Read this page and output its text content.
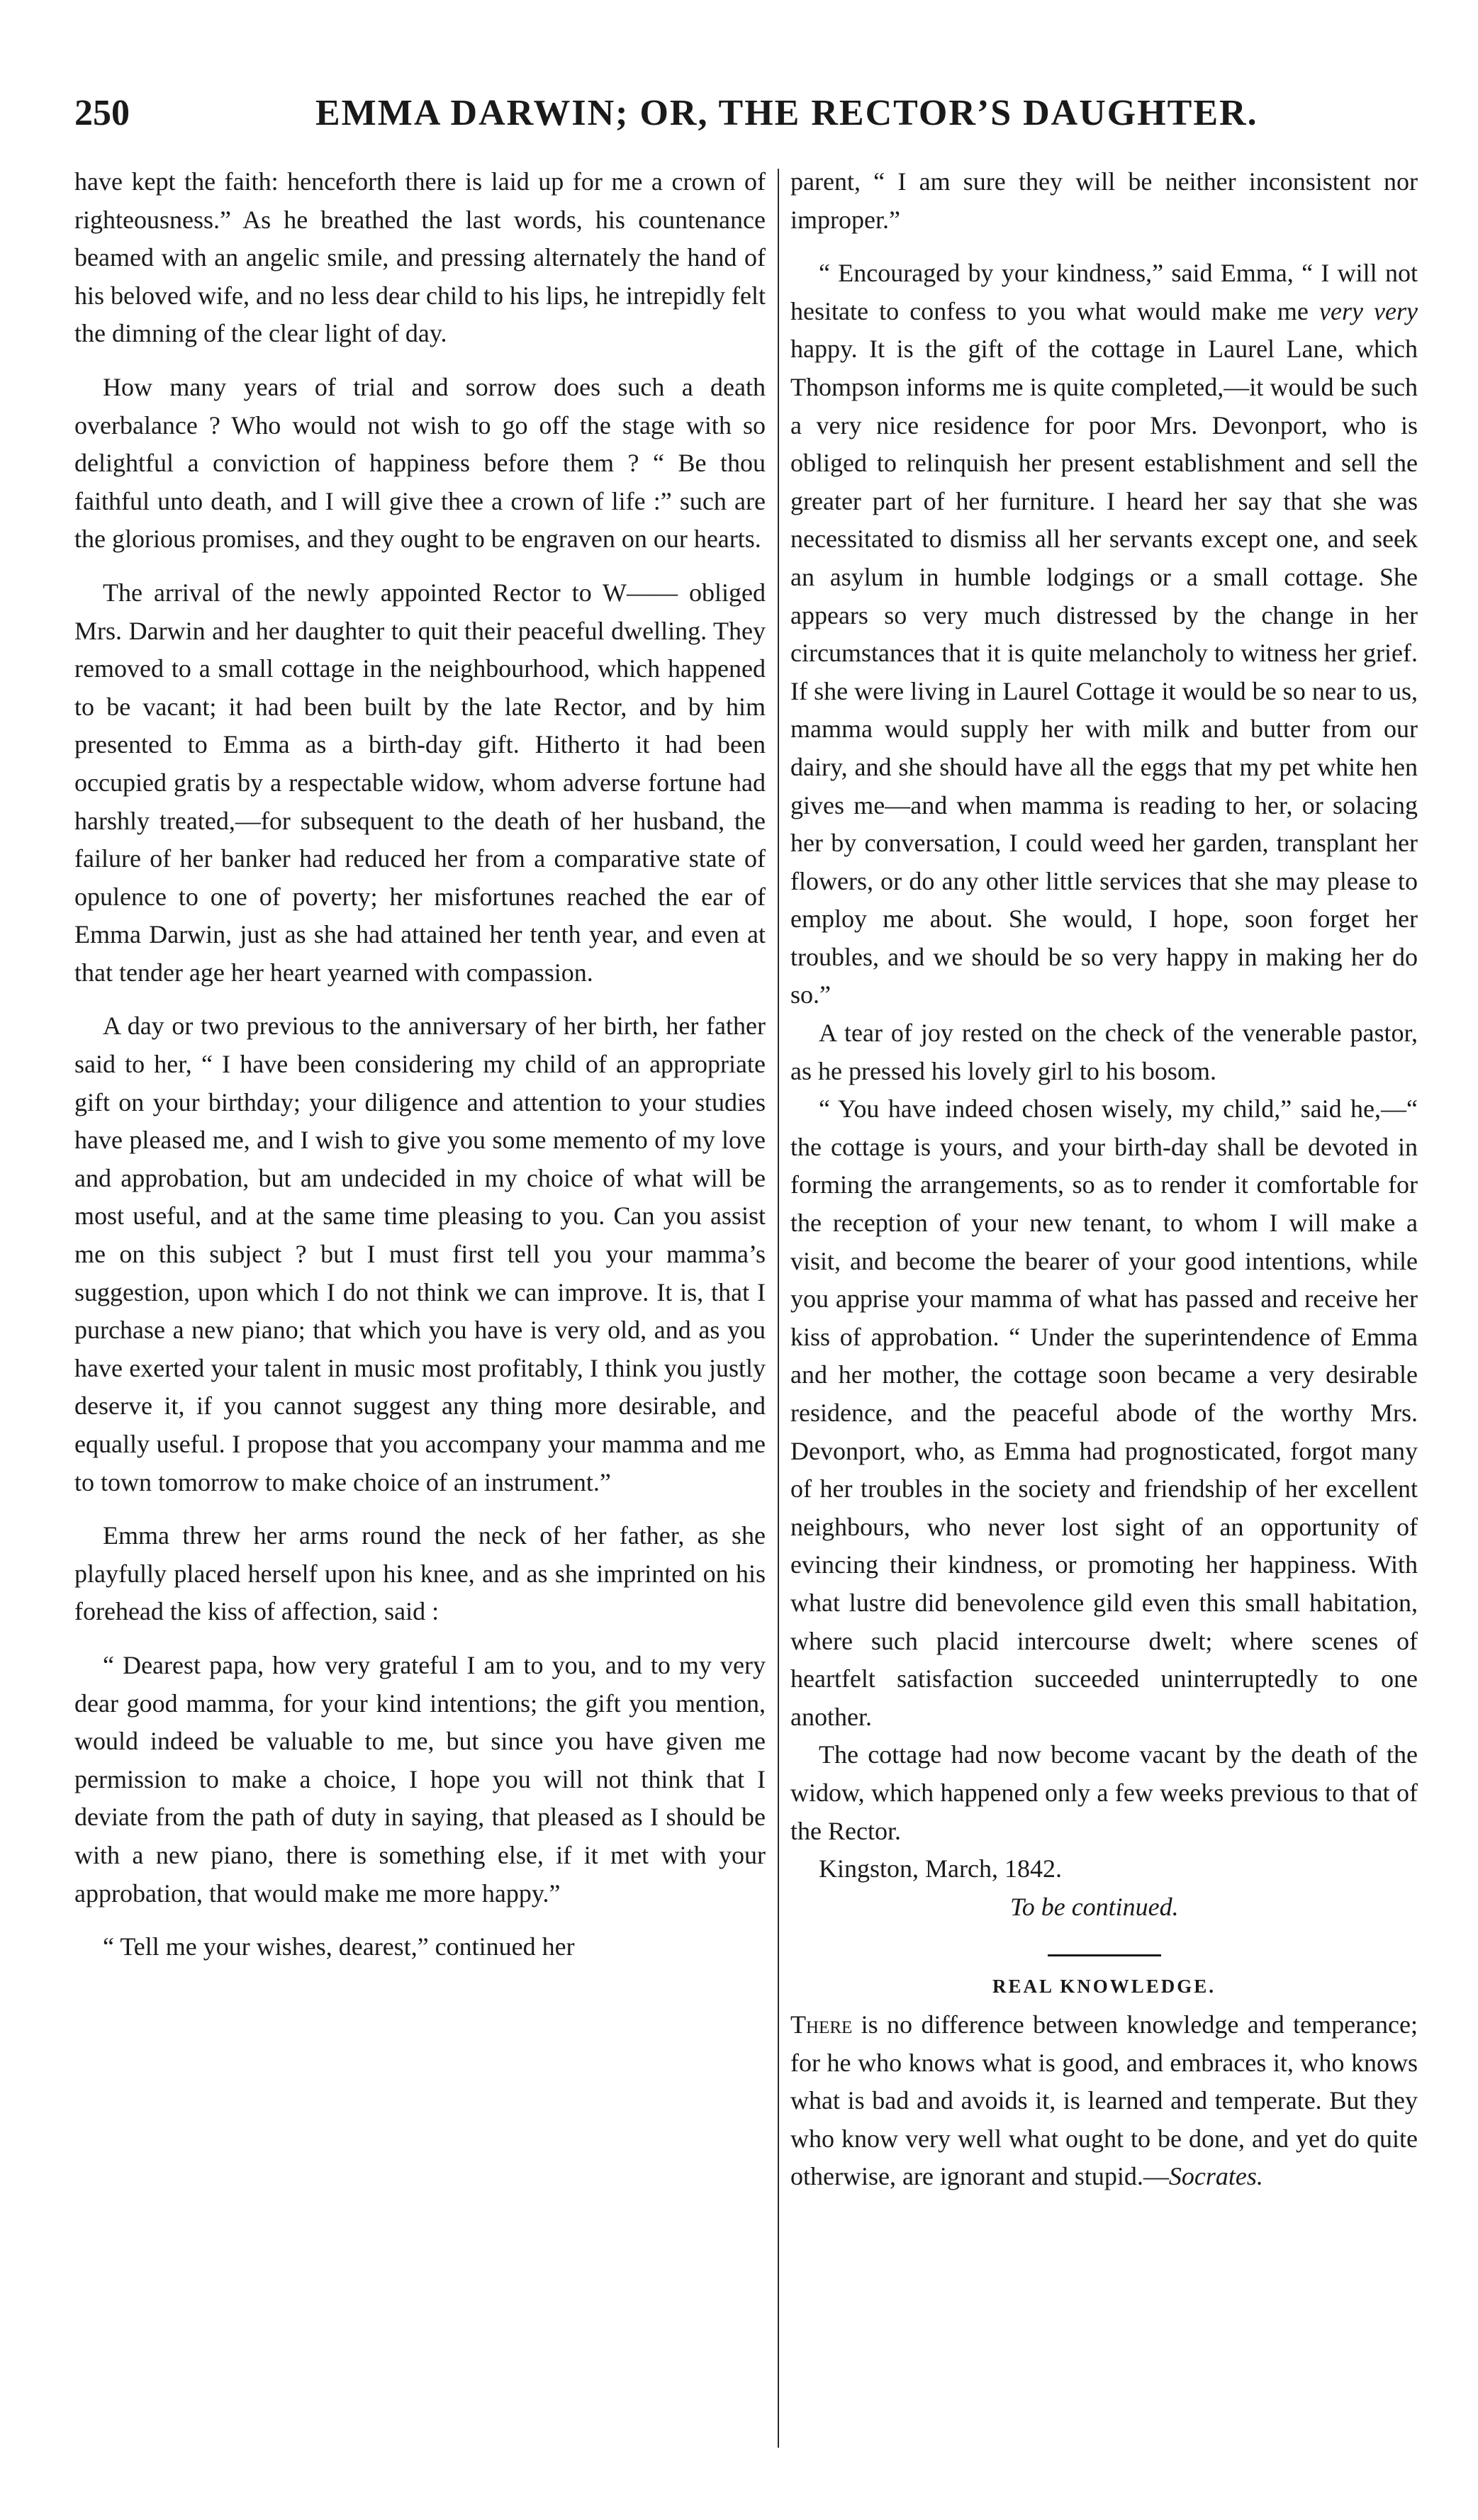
250	EMMA DARWIN; OR, THE RECTOR’S DAUGHTER.

have kept the faith: henceforth there is laid up for me a crown of righteousness.” As he breathed the last words, his countenance beamed with an angelic smile, and pressing alternately the hand of his beloved wife, and no less dear child to his lips, he intrepidly felt the dimning of the clear light of day.

How many years of trial and sorrow does such a death overbalance ? Who would not wish to go off the stage with so delightful a conviction of happiness before them ? “ Be thou faithful unto death, and I will give thee a crown of life :” such are the glorious promises, and they ought to be engraven on our hearts.

The arrival of the newly appointed Rector to W—— obliged Mrs. Darwin and her daughter to quit their peaceful dwelling. They removed to a small cottage in the neighbourhood, which happened to be vacant; it had been built by the late Rector, and by him presented to Emma as a birth-day gift. Hitherto it had been occupied gratis by a respectable widow, whom adverse fortune had harshly treated,—for subsequent to the death of her husband, the failure of her banker had reduced her from a comparative state of opulence to one of poverty; her misfortunes reached the ear of Emma Darwin, just as she had attained her tenth year, and even at that tender age her heart yearned with compassion.

A day or two previous to the anniversary of her birth, her father said to her, “ I have been considering my child of an appropriate gift on your birthday; your diligence and attention to your studies have pleased me, and I wish to give you some memento of my love and approbation, but am undecided in my choice of what will be most useful, and at the same time pleasing to you. Can you assist me on this subject ? but I must first tell you your mamma’s suggestion, upon which I do not think we can improve. It is, that I purchase a new piano; that which you have is very old, and as you have exerted your talent in music most profitably, I think you justly deserve it, if you cannot suggest any thing more desirable, and equally useful. I propose that you accompany your mamma and me to town tomorrow to make choice of an instrument.”

Emma threw her arms round the neck of her father, as she playfully placed herself upon his knee, and as she imprinted on his forehead the kiss of affection, said :

“ Dearest papa, how very grateful I am to you, and to my very dear good mamma, for your kind intentions; the gift you mention, would indeed be valuable to me, but since you have given me permission to make a choice, I hope you will not think that I deviate from the path of duty in saying, that pleased as I should be with a new piano, there is something else, if it met with your approbation, that would make me more happy.”

“ Tell me your wishes, dearest,” continued her

parent, “ I am sure they will be neither inconsistent nor improper.”

“ Encouraged by your kindness,” said Emma, “ I will not hesitate to confess to you what would make me very very happy. It is the gift of the cottage in Laurel Lane, which Thompson informs me is quite completed,—it would be such a very nice residence for poor Mrs. Devonport, who is obliged to relinquish her present establishment and sell the greater part of her furniture. I heard her say that she was necessitated to dismiss all her servants except one, and seek an asylum in humble lodgings or a small cottage. She appears so very much distressed by the change in her circumstances that it is quite melancholy to witness her grief. If she were living in Laurel Cottage it would be so near to us, mamma would supply her with milk and butter from our dairy, and she should have all the eggs that my pet white hen gives me—and when mamma is reading to her, or solacing her by conversation, I could weed her garden, transplant her flowers, or do any other little services that she may please to employ me about. She would, I hope, soon forget her troubles, and we should be so very happy in making her do so.”

A tear of joy rested on the check of the venerable pastor, as he pressed his lovely girl to his bosom.

“ You have indeed chosen wisely, my child,” said he,—“ the cottage is yours, and your birth-day shall be devoted in forming the arrangements, so as to render it comfortable for the reception of your new tenant, to whom I will make a visit, and become the bearer of your good intentions, while you apprise your mamma of what has passed and receive her kiss of approbation. “ Under the superintendence of Emma and her mother, the cottage soon became a very desirable residence, and the peaceful abode of the worthy Mrs. Devonport, who, as Emma had prognosticated, forgot many of her troubles in the society and friendship of her excellent neighbours, who never lost sight of an opportunity of evincing their kindness, or promoting her happiness. With what lustre did benevolence gild even this small habitation, where such placid intercourse dwelt; where scenes of heartfelt satisfaction succeeded uninterruptedly to one another.

The cottage had now become vacant by the death of the widow, which happened only a few weeks previous to that of the Rector.

Kingston, March, 1842.

To be continued.

REAL KNOWLEDGE.

There is no difference between knowledge and temperance; for he who knows what is good, and embraces it, who knows what is bad and avoids it, is learned and temperate. But they who know very well what ought to be done, and yet do quite otherwise, are ignorant and stupid.—Socrates.
